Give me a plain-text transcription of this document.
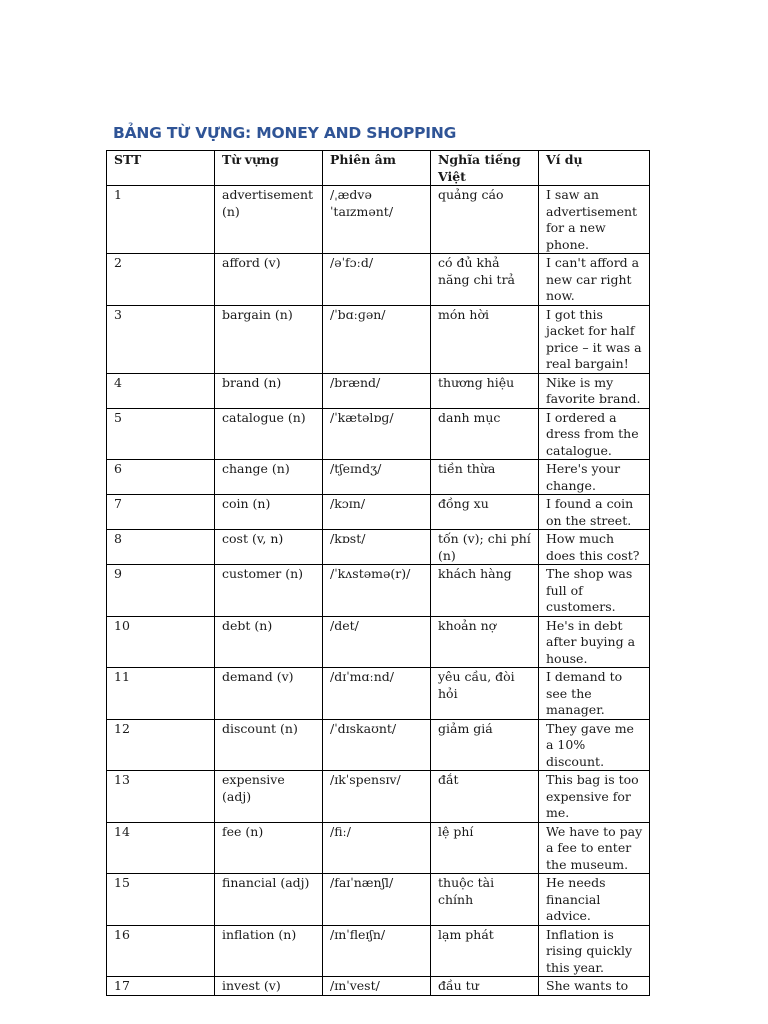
BẢNG TỪ VỰNG: MONEY AND SHOPPING
STT	Từ vựng	Phiên âm	Nghĩa tiếng Việt	Ví dụ
1	advertisement (n)	/ˌædvə ˈtaɪzmənt/	quảng cáo	I saw an advertisement for a new phone.
2	afford (v)	/əˈfɔːd/	có đủ khả năng chi trả	I can't afford a new car right now.
3	bargain (n)	/ˈbɑːɡən/	món hời	I got this jacket for half price – it was a real bargain!
4	brand (n)	/brænd/	thương hiệu	Nike is my favorite brand.
5	catalogue (n)	/ˈkætəlɒɡ/	danh mục	I ordered a dress from the catalogue.
6	change (n)	/tʃeɪndʒ/	tiền thừa	Here's your change.
7	coin (n)	/kɔɪn/	đồng xu	I found a coin on the street.
8	cost (v, n)	/kɒst/	tốn (v); chi phí (n)	How much does this cost?
9	customer (n)	/ˈkʌstəmə(r)/	khách hàng	The shop was full of customers.
10	debt (n)	/det/	khoản nợ	He's in debt after buying a house.
11	demand (v)	/dɪˈmɑːnd/	yêu cầu, đòi hỏi	I demand to see the manager.
12	discount (n)	/ˈdɪskaʊnt/	giảm giá	They gave me a 10% discount.
13	expensive (adj)	/ɪkˈspensɪv/	đắt	This bag is too expensive for me.
14	fee (n)	/fiː/	lệ phí	We have to pay a fee to enter the museum.
15	financial (adj)	/faɪˈnænʃl/	thuộc tài chính	He needs financial advice.
16	inflation (n)	/ɪnˈfleɪʃn/	lạm phát	Inflation is rising quickly this year.
17	invest (v)	/ɪnˈvest/	đầu tư	She wants to
